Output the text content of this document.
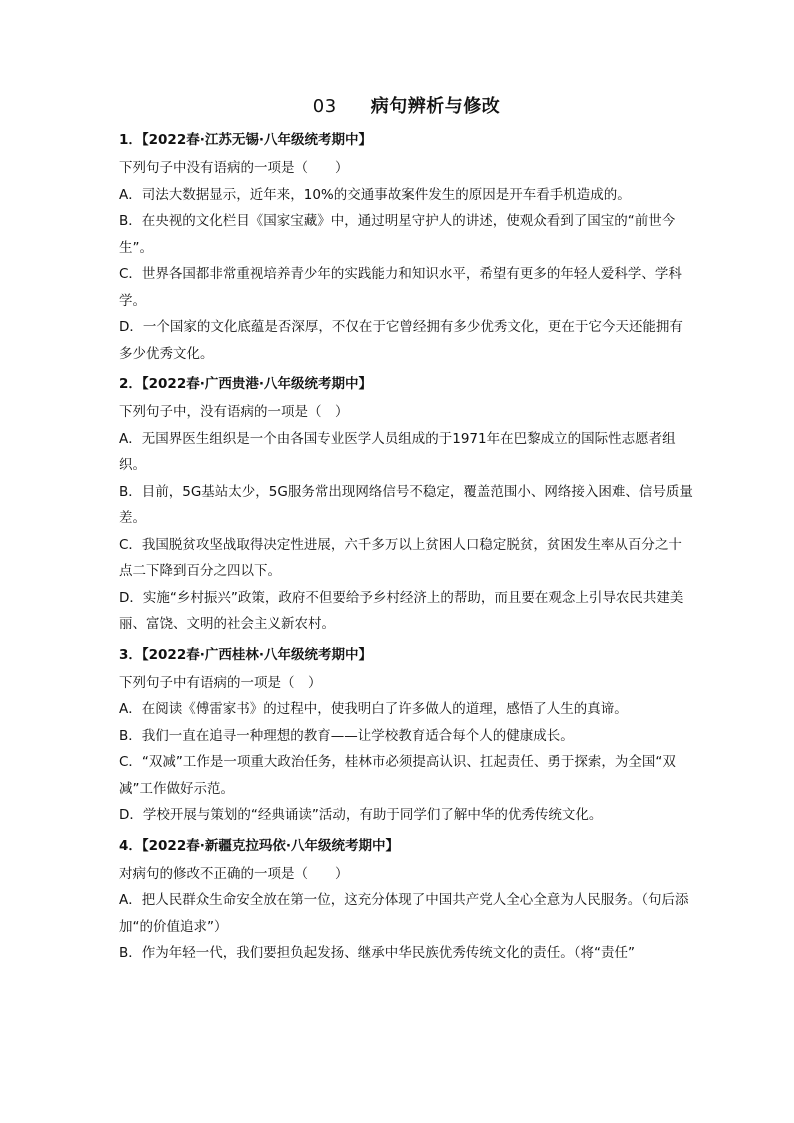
03 病句辨析与修改
1．【2022春·江苏无锡·八年级统考期中】
下列句子中没有语病的一项是（　　）
A．司法大数据显示，近年来，10%的交通事故案件发生的原因是开车看手机造成的。
B．在央视的文化栏目《国家宝藏》中，通过明星守护人的讲述，使观众看到了国宝的“前世今生”。
C．世界各国都非常重视培养青少年的实践能力和知识水平，希望有更多的年轻人爱科学、学科学。
D．一个国家的文化底蕴是否深厚，不仅在于它曾经拥有多少优秀文化，更在于它今天还能拥有多少优秀文化。
2．【2022春·广西贵港·八年级统考期中】
下列句子中，没有语病的一项是（　）
A．无国界医生组织是一个由各国专业医学人员组成的于1971年在巴黎成立的国际性志愿者组织。
B．目前，5G基站太少，5G服务常出现网络信号不稳定，覆盖范围小、网络接入困难、信号质量差。
C．我国脱贫攻坚战取得决定性进展，六千多万以上贫困人口稳定脱贫，贫困发生率从百分之十点二下降到百分之四以下。
D．实施“乡村振兴”政策，政府不但要给予乡村经济上的帮助，而且要在观念上引导农民共建美丽、富饶、文明的社会主义新农村。
3．【2022春·广西桂林·八年级统考期中】
下列句子中有语病的一项是（　）
A．在阅读《傅雷家书》的过程中，使我明白了许多做人的道理，感悟了人生的真谛。
B．我们一直在追寻一种理想的教育——让学校教育适合每个人的健康成长。
C．“双减”工作是一项重大政治任务，桂林市必须提高认识、扛起责任、勇于探索，为全国“双减”工作做好示范。
D．学校开展与策划的“经典诵读”活动，有助于同学们了解中华的优秀传统文化。
4．【2022春·新疆克拉玛依·八年级统考期中】
对病句的修改不正确的一项是（　　）
A．把人民群众生命安全放在第一位，这充分体现了中国共产党人全心全意为人民服务。（句后添加“的价值追求”）
B．作为年轻一代，我们要担负起发扬、继承中华民族优秀传统文化的责任。（将“责任”
